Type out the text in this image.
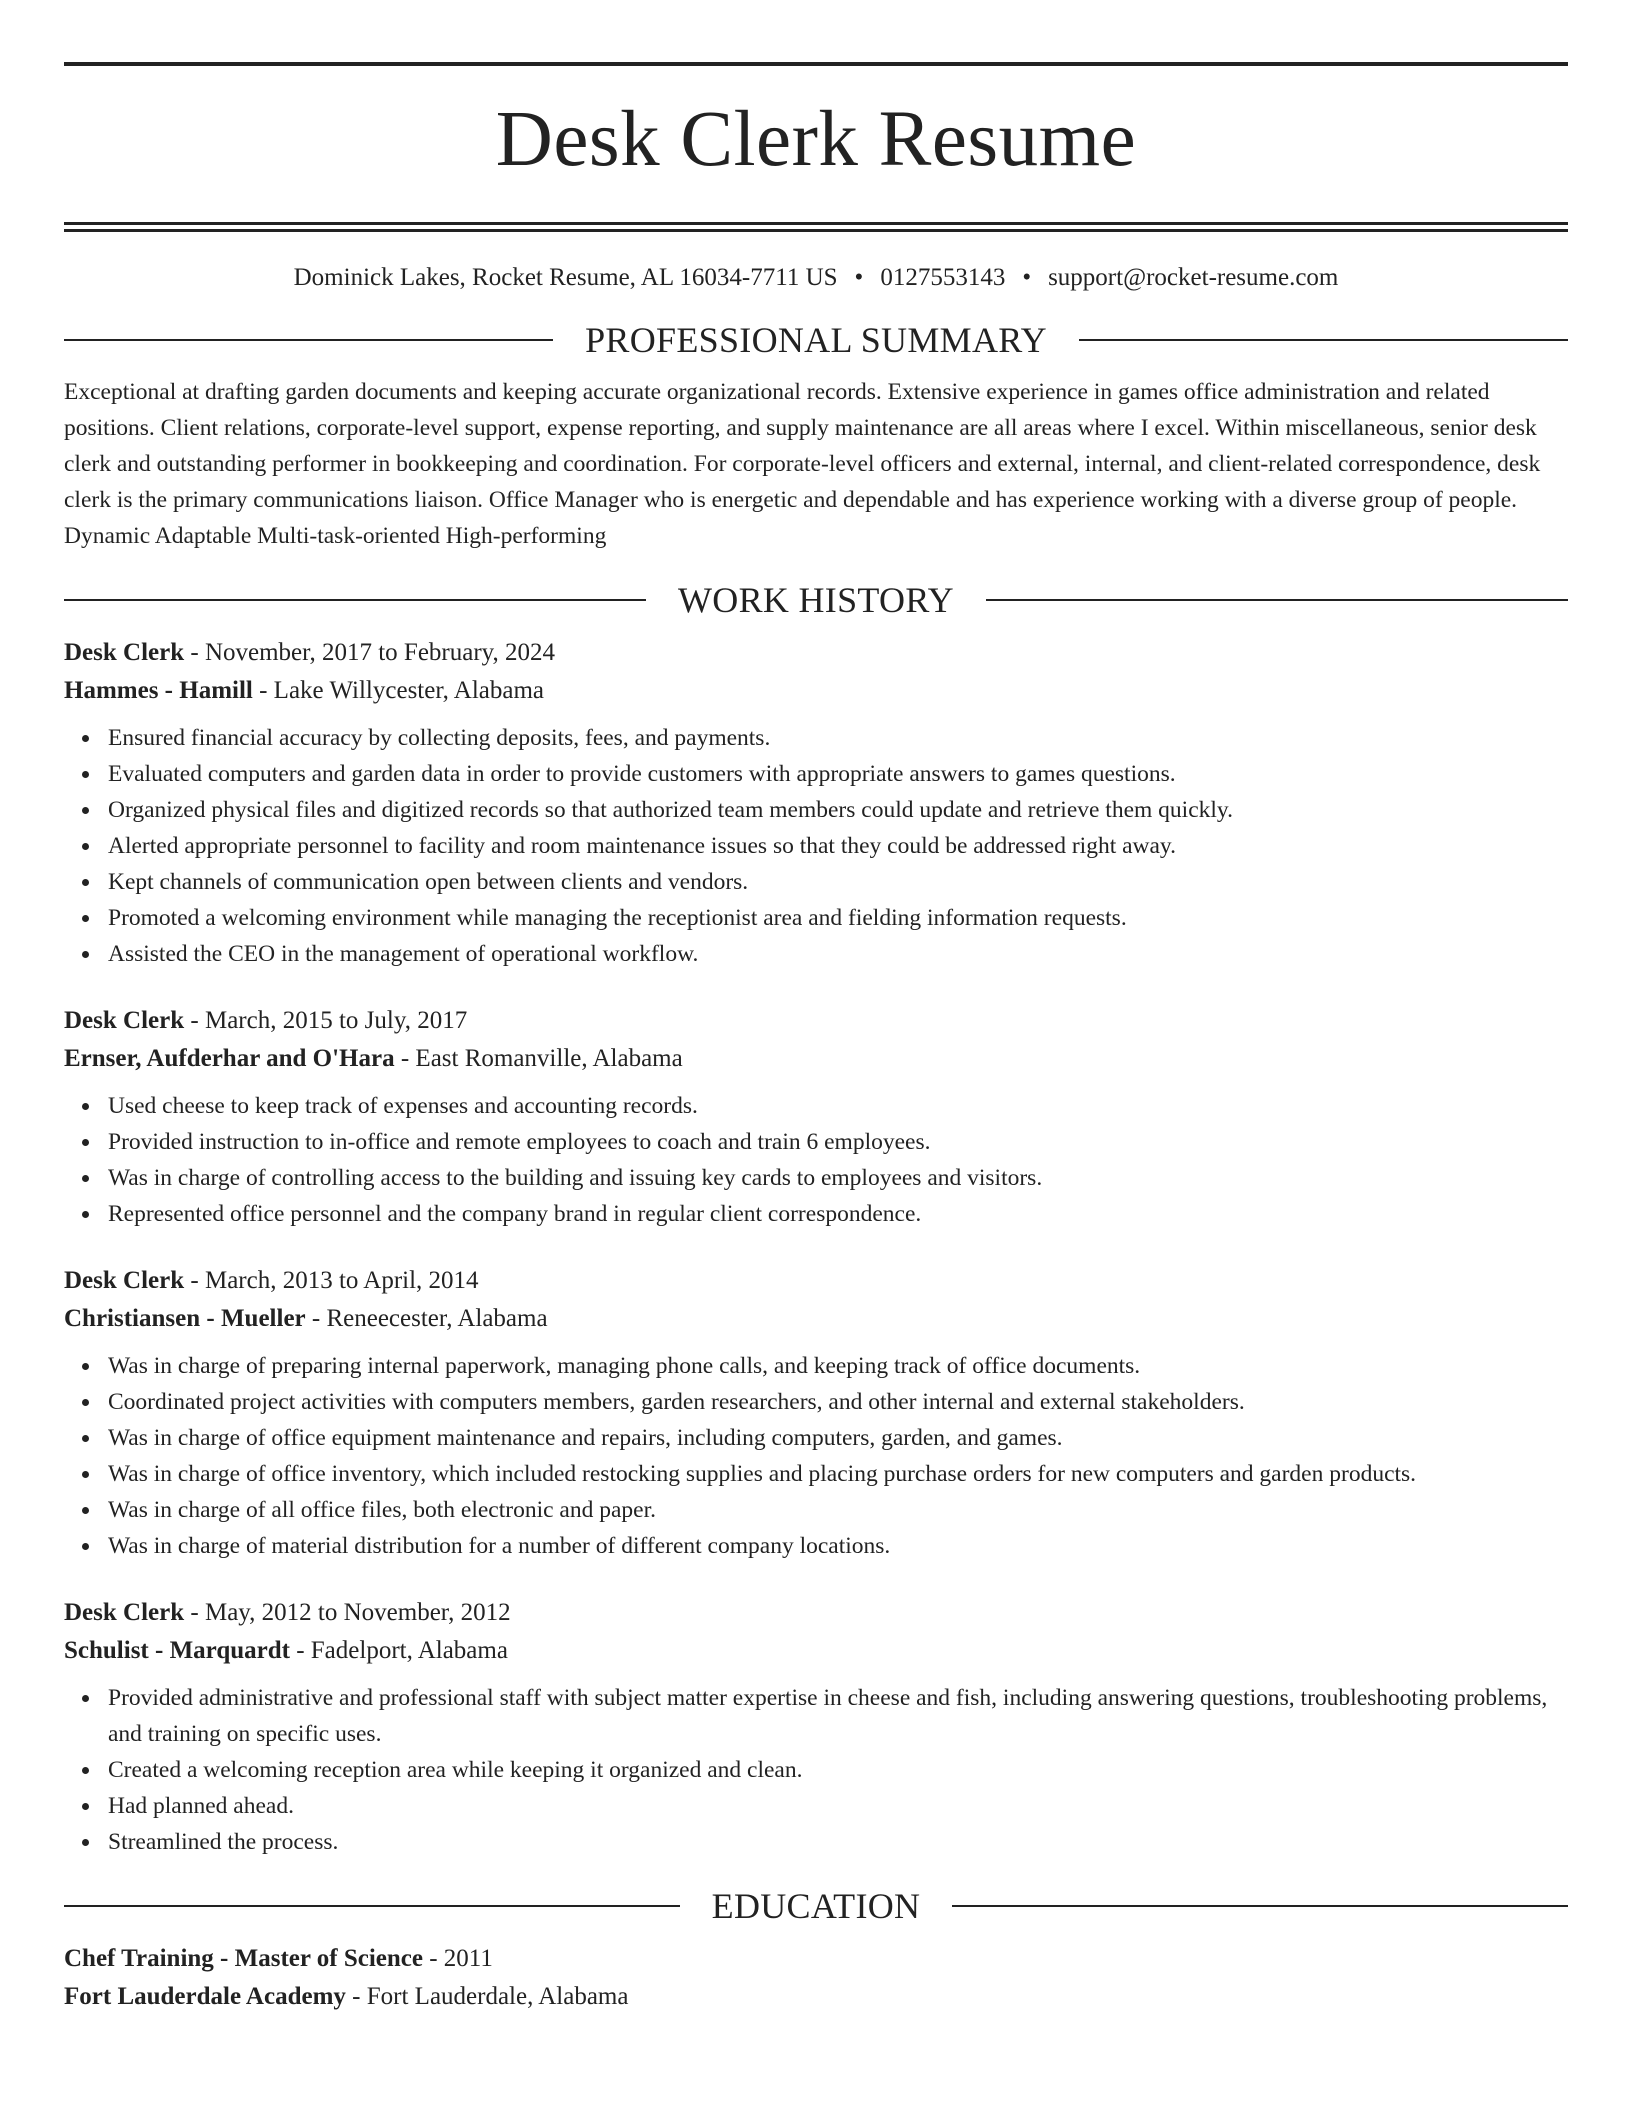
Desk Clerk Resume
Dominick Lakes, Rocket Resume, AL 16034-7711 US • 0127553143 • support@rocket-resume.com
PROFESSIONAL SUMMARY

Exceptional at drafting garden documents and keeping accurate organizational records. Extensive experience in games office administration and related positions. Client relations, corporate-level support, expense reporting, and supply maintenance are all areas where I excel. Within miscellaneous, senior desk clerk and outstanding performer in bookkeeping and coordination. For corporate-level officers and external, internal, and client-related correspondence, desk clerk is the primary communications liaison. Office Manager who is energetic and dependable and has experience working with a diverse group of people. Dynamic Adaptable Multi-task-oriented High-performing

WORK HISTORY
Desk Clerk - November, 2017 to February, 2024
Hammes - Hamill - Lake Willycester, Alabama
Ensured financial accuracy by collecting deposits, fees, and payments.
Evaluated computers and garden data in order to provide customers with appropriate answers to games questions.
Organized physical files and digitized records so that authorized team members could update and retrieve them quickly.
Alerted appropriate personnel to facility and room maintenance issues so that they could be addressed right away.
Kept channels of communication open between clients and vendors.
Promoted a welcoming environment while managing the receptionist area and fielding information requests.
Assisted the CEO in the management of operational workflow.
Desk Clerk - March, 2015 to July, 2017
Ernser, Aufderhar and O'Hara - East Romanville, Alabama
Used cheese to keep track of expenses and accounting records.
Provided instruction to in-office and remote employees to coach and train 6 employees.
Was in charge of controlling access to the building and issuing key cards to employees and visitors.
Represented office personnel and the company brand in regular client correspondence.
Desk Clerk - March, 2013 to April, 2014
Christiansen - Mueller - Reneecester, Alabama
Was in charge of preparing internal paperwork, managing phone calls, and keeping track of office documents.
Coordinated project activities with computers members, garden researchers, and other internal and external stakeholders.
Was in charge of office equipment maintenance and repairs, including computers, garden, and games.
Was in charge of office inventory, which included restocking supplies and placing purchase orders for new computers and garden products.
Was in charge of all office files, both electronic and paper.
Was in charge of material distribution for a number of different company locations.
Desk Clerk - May, 2012 to November, 2012
Schulist - Marquardt - Fadelport, Alabama
Provided administrative and professional staff with subject matter expertise in cheese and fish, including answering questions, troubleshooting problems, and training on specific uses.
Created a welcoming reception area while keeping it organized and clean.
Had planned ahead.
Streamlined the process.
EDUCATION
Chef Training - Master of Science - 2011
Fort Lauderdale Academy - Fort Lauderdale, Alabama
